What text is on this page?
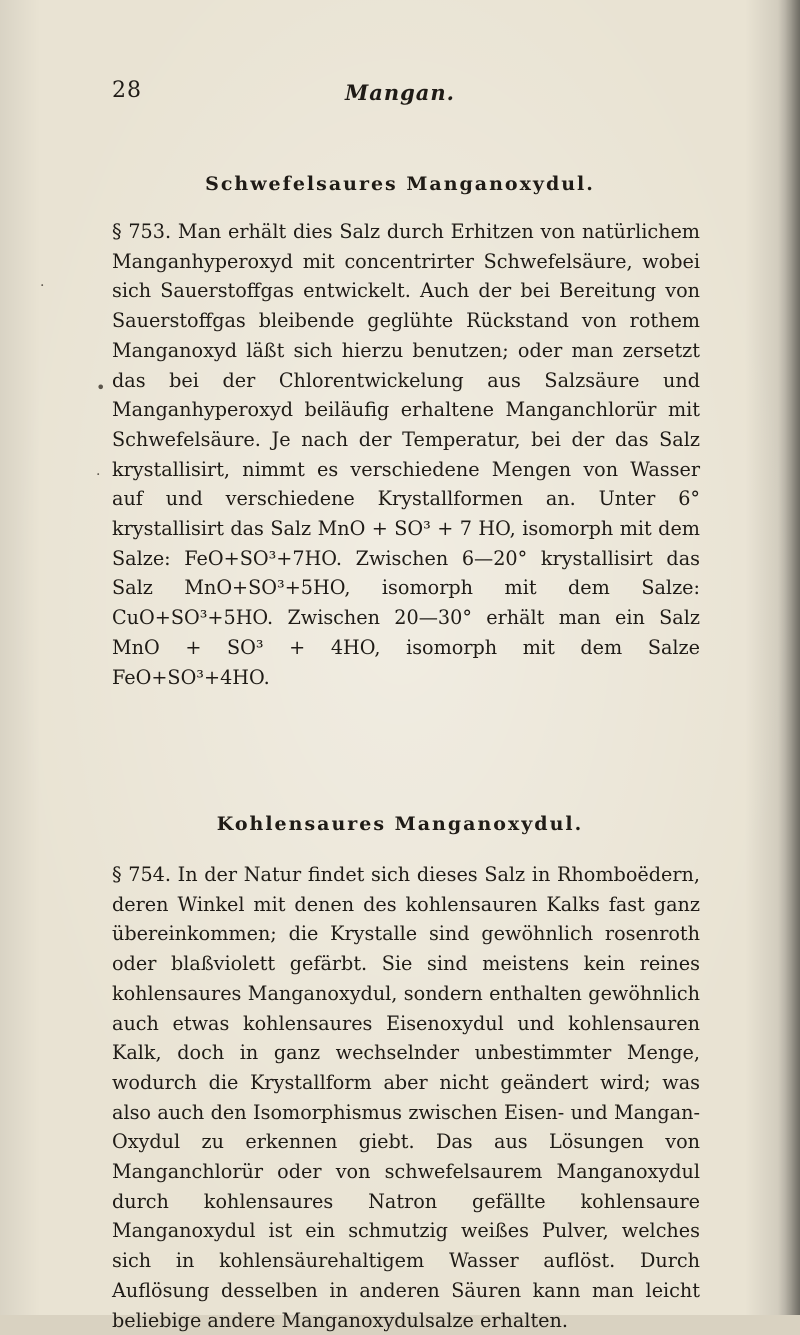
28	Mangan.
Schwefelsaures Manganoxydul.

§ 753. Man erhält dies Salz durch Erhitzen von natürlichem Manganhyperoxyd mit concentrirter Schwefelsäure, wobei sich Sauerstoffgas entwickelt. Auch der bei Bereitung von Sauerstoffgas bleibende geglühte Rückstand von rothem Manganoxyd läßt sich hierzu benutzen; oder man zersetzt das bei der Chlorentwickelung aus Salzsäure und Manganhyperoxyd beiläufig erhaltene Manganchlorür mit Schwefelsäure. Je nach der Temperatur, bei der das Salz krystallisirt, nimmt es verschiedene Mengen von Wasser auf und verschiedene Krystallformen an. Unter 6° krystallisirt das Salz MnO + SO³ + 7 HO, isomorph mit dem Salze: FeO+SO³+7HO. Zwischen 6—20° krystallisirt das Salz MnO+SO³+5HO, isomorph mit dem Salze: CuO+SO³+5HO. Zwischen 20—30° erhält man ein Salz MnO + SO³ + 4HO, isomorph mit dem Salze FeO+SO³+4HO.

Kohlensaures Manganoxydul.

§ 754. In der Natur findet sich dieses Salz in Rhomboëdern, deren Winkel mit denen des kohlensauren Kalks fast ganz übereinkommen; die Krystalle sind gewöhnlich rosenroth oder blaßviolett gefärbt. Sie sind meistens kein reines kohlensaures Manganoxydul, sondern enthalten gewöhnlich auch etwas kohlensaures Eisenoxydul und kohlensauren Kalk, doch in ganz wechselnder unbestimmter Menge, wodurch die Krystallform aber nicht geändert wird; was also auch den Isomorphismus zwischen Eisen- und Mangan-Oxydul zu erkennen giebt. Das aus Lösungen von Manganchlorür oder von schwefelsaurem Manganoxydul durch kohlensaures Natron gefällte kohlensaure Manganoxydul ist ein schmutzig weißes Pulver, welches sich in kohlensäurehaltigem Wasser auflöst. Durch Auflösung desselben in anderen Säuren kann man leicht beliebige andere Manganoxydulsalze erhalten.

·
•
·
